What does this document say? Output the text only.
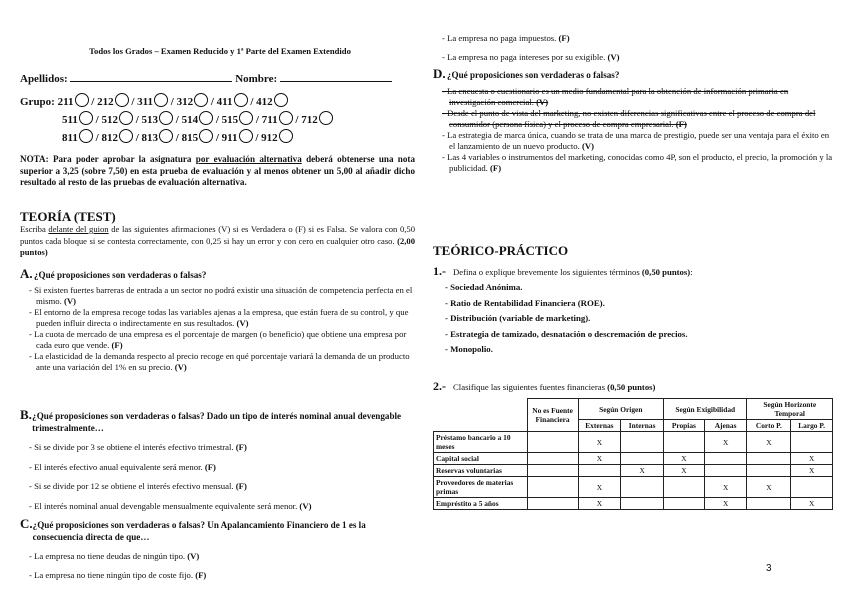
Todos los Grados – Examen Reducido y 1ª Parte del Examen Extendido
Apellidos:	Nombre:
Grupo: 211 / 212 / 311 / 312 / 411 / 412
511 / 512 / 513 / 514 / 515 / 711 / 712
811 / 812 / 813 / 815 / 911 / 912
NOTA: Para poder aprobar la asignatura por evaluación alternativa deberá obtenerse una nota superior a 3,25 (sobre 7,50) en esta prueba de evaluación y al menos obtener un 5,00 al añadir dicho resultado al resto de las pruebas de evaluación alternativa.
TEORÍA (TEST)
Escriba delante del guion de las siguientes afirmaciones (V) si es Verdadera o (F) si es Falsa. Se valora con 0,50 puntos cada bloque si se contesta correctamente, con 0,25 si hay un error y con cero en cualquier otro caso. (2,00 puntos)
A. ¿Qué proposiciones son verdaderas o falsas?
- Si existen fuertes barreras de entrada a un sector no podrá existir una situación de competencia perfecta en el mismo. (V)
- El entorno de la empresa recoge todas las variables ajenas a la empresa, que están fuera de su control, y que pueden influir directa o indirectamente en sus resultados. (V)
- La cuota de mercado de una empresa es el porcentaje de margen (o beneficio) que obtiene una empresa por cada euro que vende. (F)
- La elasticidad de la demanda respecto al precio recoge en qué porcentaje variará la demanda de un producto ante una variación del 1% en su precio. (V)
B. ¿Qué proposiciones son verdaderas o falsas? Dado un tipo de interés nominal anual devengable trimestralmente…
- Si se divide por 3 se obtiene el interés efectivo trimestral. (F)
- El interés efectivo anual equivalente será menor. (F)
- Si se divide por 12 se obtiene el interés efectivo mensual. (F)
- El interés nominal anual devengable mensualmente equivalente será menor. (V)
C. ¿Qué proposiciones son verdaderas o falsas? Un Apalancamiento Financiero de 1 es la consecuencia directa de que…
- La empresa no tiene deudas de ningún tipo. (V)
- La empresa no tiene ningún tipo de coste fijo. (F)
- La empresa no paga impuestos. (F)
- La empresa no paga intereses por su exigible. (V)
D. ¿Qué proposiciones son verdaderas o falsas?
- La encuesta o cuestionario es un medio fundamental para la obtención de información primaria en investigación comercial. (V)
- Desde el punto de vista del marketing, no existen diferencias significativas entre el proceso de compra del consumidor (persona física) y el proceso de compra empresarial. (F)
- La estrategia de marca única, cuando se trata de una marca de prestigio, puede ser una ventaja para el éxito en el lanzamiento de un nuevo producto. (V)
- Las 4 variables o instrumentos del marketing, conocidas como 4P, son el producto, el precio, la promoción y la publicidad. (F)
TEÓRICO-PRÁCTICO
1.- Defina o explique brevemente los siguientes términos (0,50 puntos):
- Sociedad Anónima.
- Ratio de Rentabilidad Financiera (ROE).
- Distribución (variable de marketing).
- Estrategia de tamizado, desnatación o descremación de precios.
- Monopolio.
2.- Clasifique las siguientes fuentes financieras (0,50 puntos)
	No es Fuente Financiera	Según Origen		Según Exigibilidad		Según Horizonte Temporal	
		Externas	Internas	Propias	Ajenas	Corto P.	Largo P.
Préstamo bancario a 10 meses		X			X	X	
Capital social		X		X			X
Reservas voluntarias			X	X			X
Proveedores de materias primas		X			X	X	
Empréstito a 5 años		X			X		X
3
